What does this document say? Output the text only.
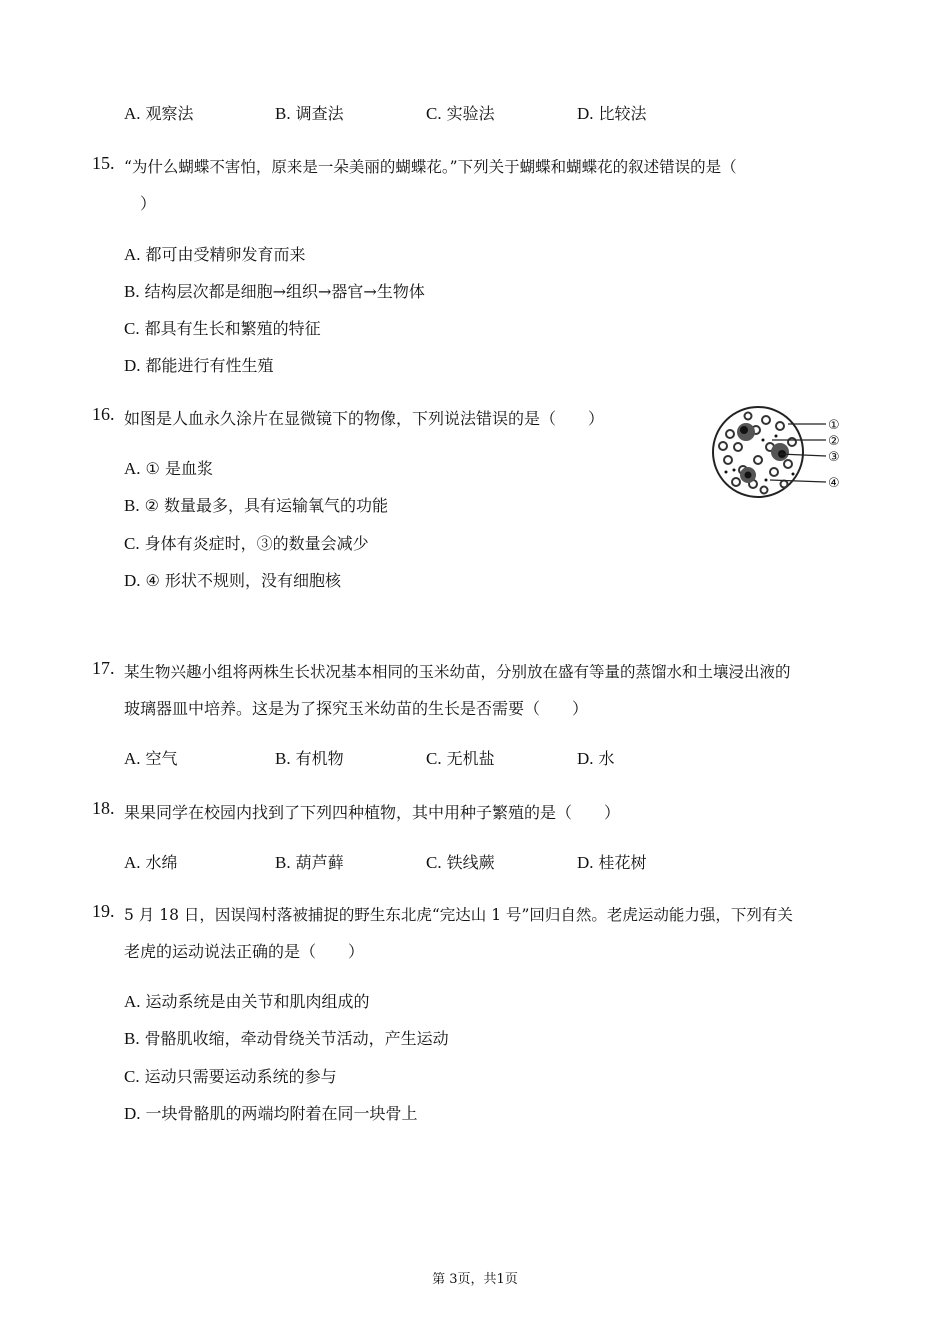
A. 观察法	B. 调查法	C. 实验法	D. 比较法
15. “为什么蝴蝶不害怕，原来是一朵美丽的蝴蝶花。”下列关于蝴蝶和蝴蝶花的叙述错误的是（
）
A. 都可由受精卵发育而来
B. 结构层次都是细胞→组织→器官→生物体
C. 都具有生长和繁殖的特征
D. 都能进行有性生殖
16. 如图是人血永久涂片在显微镜下的物像，下列说法错误的是（　　）
A. ① 是血浆
B. ② 数量最多，具有运输氧气的功能
C. 身体有炎症时，③的数量会减少
D. ④ 形状不规则，没有细胞核
①
②
③
④
17. 某生物兴趣小组将两株生长状况基本相同的玉米幼苗，分别放在盛有等量的蒸馏水和土壤浸出液的
玻璃器皿中培养。这是为了探究玉米幼苗的生长是否需要（　　）
A. 空气	B. 有机物	C. 无机盐	D. 水
18. 果果同学在校园内找到了下列四种植物，其中用种子繁殖的是（　　）
A. 水绵	B. 葫芦藓	C. 铁线蕨	D. 桂花树
19. 5 月 18 日，因误闯村落被捕捉的野生东北虎“完达山 1 号”回归自然。老虎运动能力强，下列有关
老虎的运动说法正确的是（　　）
A. 运动系统是由关节和肌肉组成的
B. 骨骼肌收缩，牵动骨绕关节活动，产生运动
C. 运动只需要运动系统的参与
D. 一块骨骼肌的两端均附着在同一块骨上
第 3页，共1页
